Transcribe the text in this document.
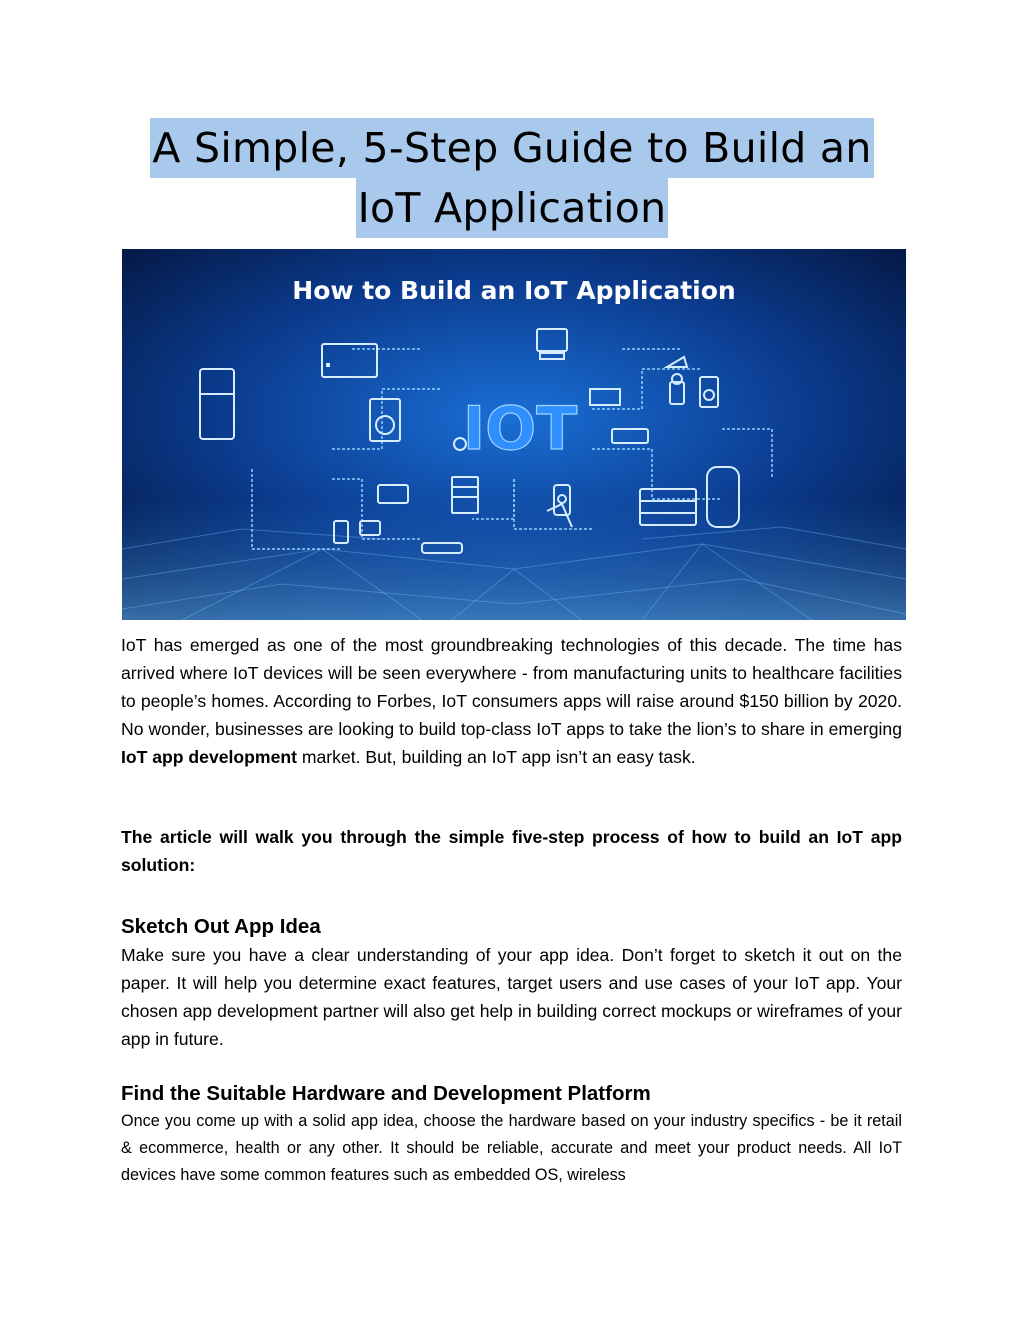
A Simple, 5-Step Guide to Build an
IoT Application
How to Build an IoT Application
IOT

IoT has emerged as one of the most groundbreaking technologies of this decade. The time has arrived where IoT devices will be seen everywhere - from manufacturing units to healthcare facilities to people’s homes. According to Forbes, IoT consumers apps will raise around $150 billion by 2020. No wonder, businesses are looking to build top-class IoT apps to take the lion’s to share in emerging IoT app development market. But, building an IoT app isn’t an easy task.

The article will walk you through the simple five-step process of how to build an IoT app solution:

Sketch Out App Idea

Make sure you have a clear understanding of your app idea. Don’t forget to sketch it out on the paper. It will help you determine exact features, target users and use cases of your IoT app. Your chosen app development partner will also get help in building correct mockups or wireframes of your app in future.

Find the Suitable Hardware and Development Platform

Once you come up with a solid app idea, choose the hardware based on your industry specifics - be it retail & ecommerce, health or any other. It should be reliable, accurate and meet your product needs. All IoT devices have some common features such as embedded OS, wireless
